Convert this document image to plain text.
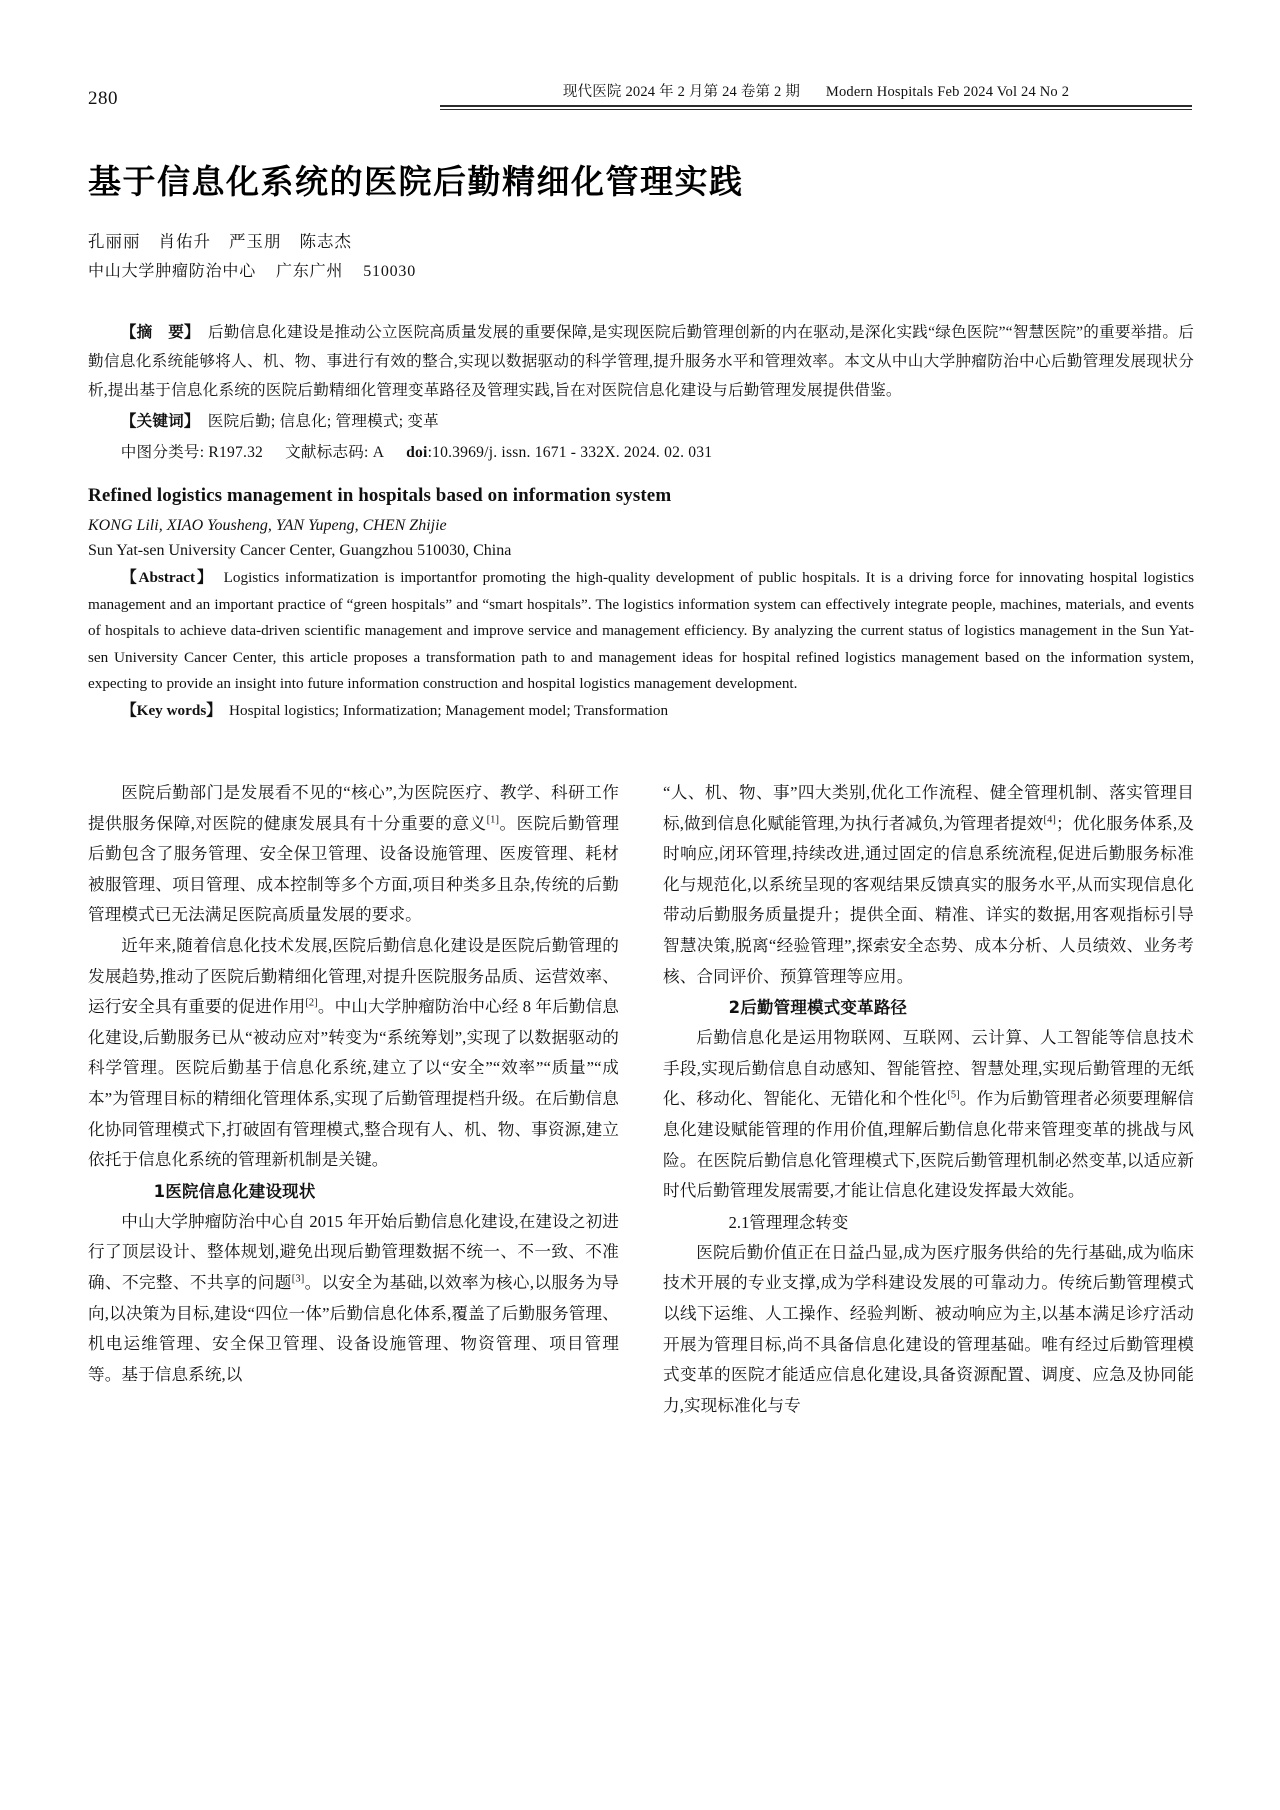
280	现代医院 2024 年 2 月第 24 卷第 2 期 Modern Hospitals Feb 2024 Vol 24 No 2
基于信息化系统的医院后勤精细化管理实践
孔丽丽 肖佑升 严玉朋 陈志杰
中山大学肿瘤防治中心 广东广州 510030

【摘　要】　 后勤信息化建设是推动公立医院高质量发展的重要保障,是实现医院后勤管理创新的内在驱动,是深化实践“绿色医院”“智慧医院”的重要举措。后勤信息化系统能够将人、机、物、事进行有效的整合,实现以数据驱动的科学管理,提升服务水平和管理效率。本文从中山大学肿瘤防治中心后勤管理发展现状分析,提出基于信息化系统的医院后勤精细化管理变革路径及管理实践,旨在对医院信息化建设与后勤管理发展提供借鉴。

【关键词】　 医院后勤; 信息化; 管理模式; 变革

中图分类号: R197.32 文献标志码: A doi:10.3969/j. issn. 1671 - 332X. 2024. 02. 031

Refined logistics management in hospitals based on information system

KONG Lili, XIAO Yousheng, YAN Yupeng, CHEN Zhijie

Sun Yat-sen University Cancer Center, Guangzhou 510030, China

【Abstract】　 Logistics informatization is importantfor promoting the high-quality development of public hospitals. It is a driving force for innovating hospital logistics management and an important practice of “green hospitals” and “smart hospitals”. The logistics information system can effectively integrate people, machines, materials, and events of hospitals to achieve data-driven scientific management and improve service and management efficiency. By analyzing the current status of logistics management in the Sun Yat-sen University Cancer Center, this article proposes a transformation path to and management ideas for hospital refined logistics management based on the information system, expecting to provide an insight into future information construction and hospital logistics management development.

【Key words】　 Hospital logistics; Informatization; Management model; Transformation

医院后勤部门是发展看不见的“核心”,为医院医疗、教学、科研工作提供服务保障,对医院的健康发展具有十分重要的意义[1]。医院后勤管理后勤包含了服务管理、安全保卫管理、设备设施管理、医废管理、耗材被服管理、项目管理、成本控制等多个方面,项目种类多且杂,传统的后勤管理模式已无法满足医院高质量发展的要求。

近年来,随着信息化技术发展,医院后勤信息化建设是医院后勤管理的发展趋势,推动了医院后勤精细化管理,对提升医院服务品质、运营效率、运行安全具有重要的促进作用[2]。中山大学肿瘤防治中心经 8 年后勤信息化建设,后勤服务已从“被动应对”转变为“系统筹划”,实现了以数据驱动的科学管理。医院后勤基于信息化系统,建立了以“安全”“效率”“质量”“成本”为管理目标的精细化管理体系,实现了后勤管理提档升级。在后勤信息化协同管理模式下,打破固有管理模式,整合现有人、机、物、事资源,建立依托于信息化系统的管理新机制是关键。

1医院信息化建设现状

中山大学肿瘤防治中心自 2015 年开始后勤信息化建设,在建设之初进行了顶层设计、整体规划,避免出现后勤管理数据不统一、不一致、不准确、不完整、不共享的问题[3]。以安全为基础,以效率为核心,以服务为导向,以决策为目标,建设“四位一体”后勤信息化体系,覆盖了后勤服务管理、机电运维管理、安全保卫管理、设备设施管理、物资管理、项目管理等。基于信息系统,以

“人、机、物、事”四大类别,优化工作流程、健全管理机制、落实管理目标,做到信息化赋能管理,为执行者减负,为管理者提效[4]；优化服务体系,及时响应,闭环管理,持续改进,通过固定的信息系统流程,促进后勤服务标准化与规范化,以系统呈现的客观结果反馈真实的服务水平,从而实现信息化带动后勤服务质量提升；提供全面、精准、详实的数据,用客观指标引导智慧决策,脱离“经验管理”,探索安全态势、成本分析、人员绩效、业务考核、合同评价、预算管理等应用。

2后勤管理模式变革路径

后勤信息化是运用物联网、互联网、云计算、人工智能等信息技术手段,实现后勤信息自动感知、智能管控、智慧处理,实现后勤管理的无纸化、移动化、智能化、无错化和个性化[5]。作为后勤管理者必须要理解信息化建设赋能管理的作用价值,理解后勤信息化带来管理变革的挑战与风险。在医院后勤信息化管理模式下,医院后勤管理机制必然变革,以适应新时代后勤管理发展需要,才能让信息化建设发挥最大效能。

2.1管理理念转变

医院后勤价值正在日益凸显,成为医疗服务供给的先行基础,成为临床技术开展的专业支撑,成为学科建设发展的可靠动力。传统后勤管理模式以线下运维、人工操作、经验判断、被动响应为主,以基本满足诊疗活动开展为管理目标,尚不具备信息化建设的管理基础。唯有经过后勤管理模式变革的医院才能适应信息化建设,具备资源配置、调度、应急及协同能力,实现标准化与专
